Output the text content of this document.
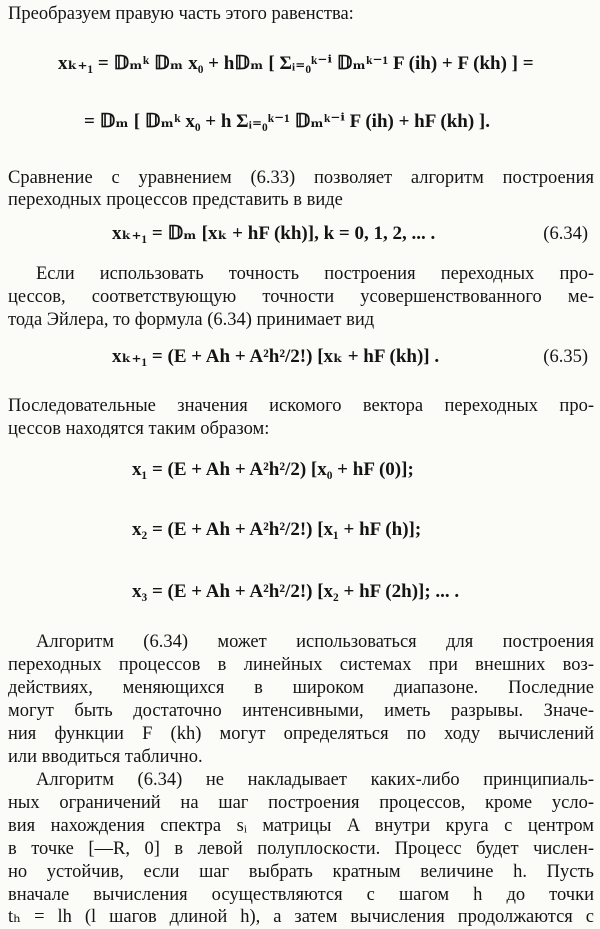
Преобразуем правую часть этого равенства:
xₖ₊₁ = 𝔻ₘᵏ 𝔻ₘ x₀ + h𝔻ₘ [ Σᵢ₌₀ᵏ⁻ⁱ 𝔻ₘᵏ⁻¹ F (ih) + F (kh) ] =
= 𝔻ₘ [ 𝔻ₘᵏ x₀ + h Σᵢ₌₀ᵏ⁻¹ 𝔻ₘᵏ⁻ⁱ F (ih) + hF (kh) ].
Сравнение с уравнением (6.33) позволяет алгоритм построения
переходных процессов представить в виде
xₖ₊₁ = 𝔻ₘ [xₖ + hF (kh)], k = 0, 1, 2, ... .	(6.34)
Если использовать точность построения переходных про-
цессов, соответствующую точности усовершенствованного ме-
тода Эйлера, то формула (6.34) принимает вид
xₖ₊₁ = (E + Ah + A²h²/2!) [xₖ + hF (kh)] .	(6.35)
Последовательные значения искомого вектора переходных про-
цессов находятся таким образом:
x₁ = (E + Ah + A²h²/2) [x₀ + hF (0)];
x₂ = (E + Ah + A²h²/2!) [x₁ + hF (h)];
x₃ = (E + Ah + A²h²/2!) [x₂ + hF (2h)]; ... .
Алгоритм (6.34) может использоваться для построения
переходных процессов в линейных системах при внешних воз-
действиях, меняющихся в широком диапазоне. Последние
могут быть достаточно интенсивными, иметь разрывы. Значе-
ния функции F (kh) могут определяться по ходу вычислений
или вводиться таблично.
Алгоритм (6.34) не накладывает каких-либо принципиаль-
ных ограничений на шаг построения процессов, кроме усло-
вия нахождения спектра sᵢ матрицы A внутри круга с центром
в точке [—R, 0] в левой полуплоскости. Процесс будет числен-
но устойчив, если шаг выбрать кратным величине h. Пусть
вначале вычисления осуществляются с шагом h до точки
tₕ = lh (l шагов длиной h), а затем вычисления продолжаются с
